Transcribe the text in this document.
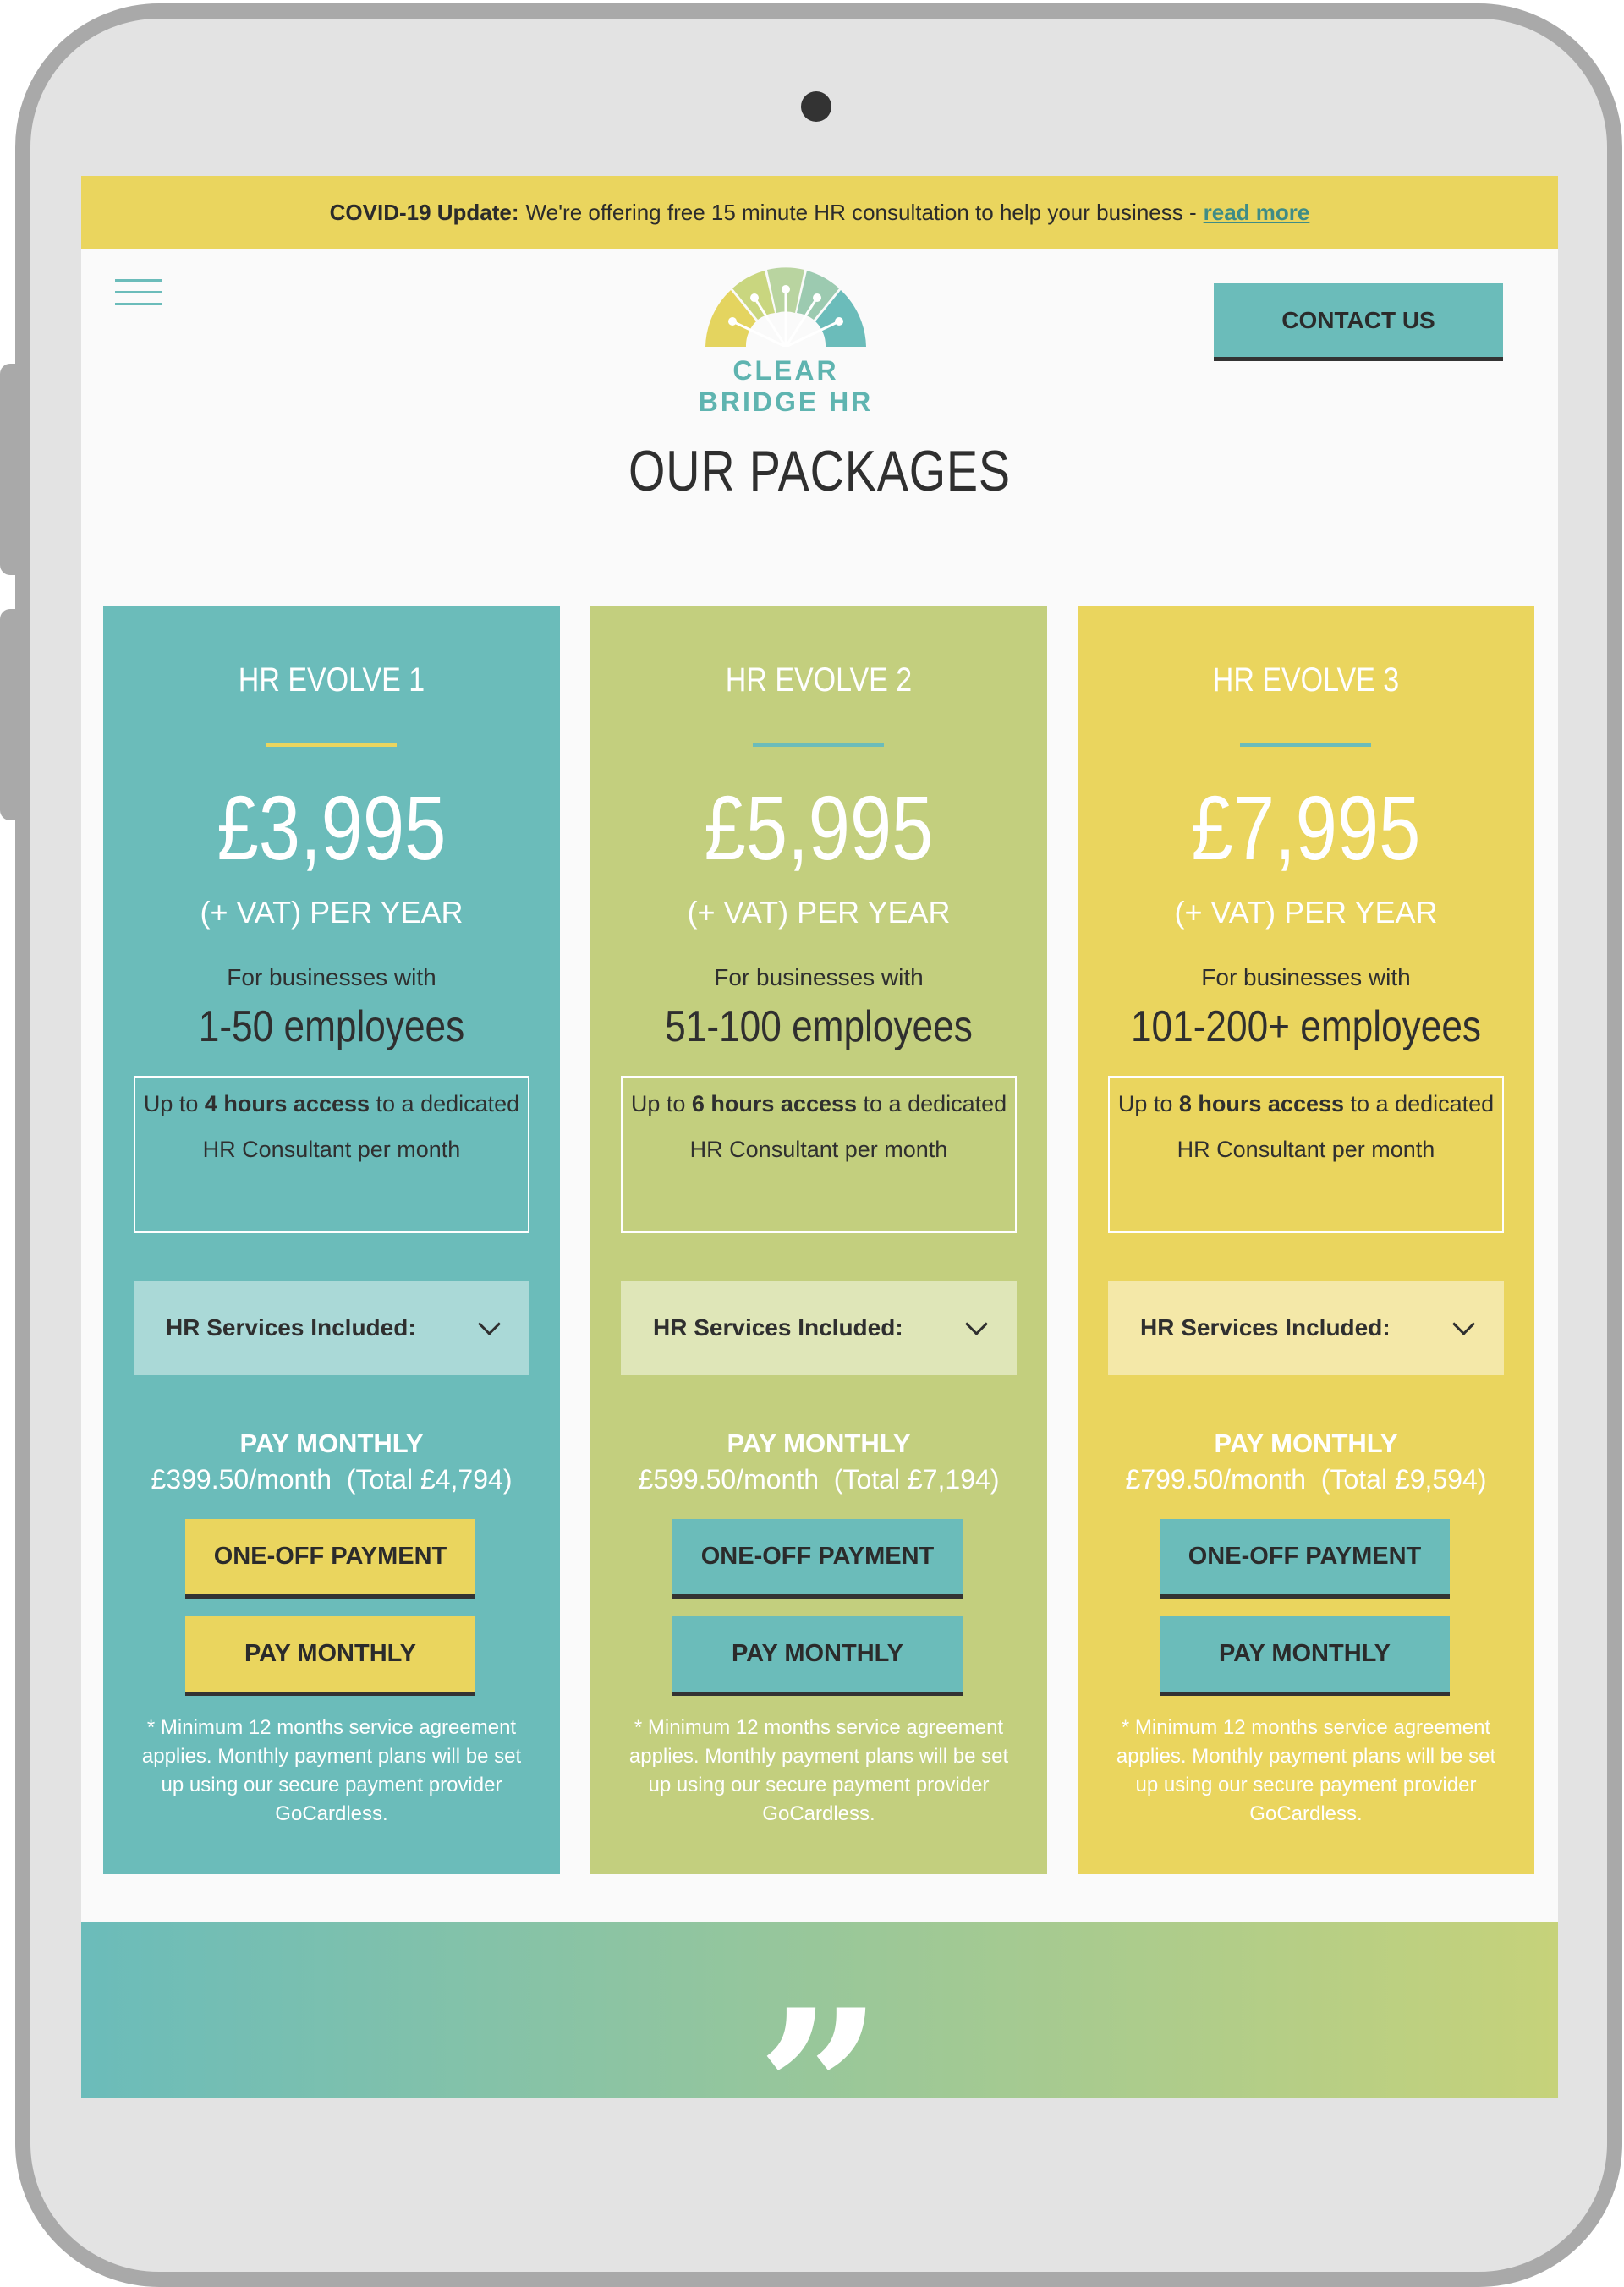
COVID-19 Update: We're offering free 15 minute HR consultation to help your business - read more
CLEAR BRIDGE HR
CONTACT US
OUR PACKAGES
HR EVOLVE 1
£3,995
(+ VAT) PER YEAR
For businesses with
1-50 employees
Up to 4 hours access to a dedicated HR Consultant per month
HR Services Included:
PAY MONTHLY
£399.50/month (Total £4,794)
ONE-OFF PAYMENT
PAY MONTHLY
* Minimum 12 months service agreement applies. Monthly payment plans will be set up using our secure payment provider GoCardless.
HR EVOLVE 2
£5,995
(+ VAT) PER YEAR
For businesses with
51-100 employees
Up to 6 hours access to a dedicated HR Consultant per month
HR Services Included:
PAY MONTHLY
£599.50/month (Total £7,194)
ONE-OFF PAYMENT
PAY MONTHLY
* Minimum 12 months service agreement applies. Monthly payment plans will be set up using our secure payment provider GoCardless.
HR EVOLVE 3
£7,995
(+ VAT) PER YEAR
For businesses with
101-200+ employees
Up to 8 hours access to a dedicated HR Consultant per month
HR Services Included:
PAY MONTHLY
£799.50/month (Total £9,594)
ONE-OFF PAYMENT
PAY MONTHLY
* Minimum 12 months service agreement applies. Monthly payment plans will be set up using our secure payment provider GoCardless.
”
